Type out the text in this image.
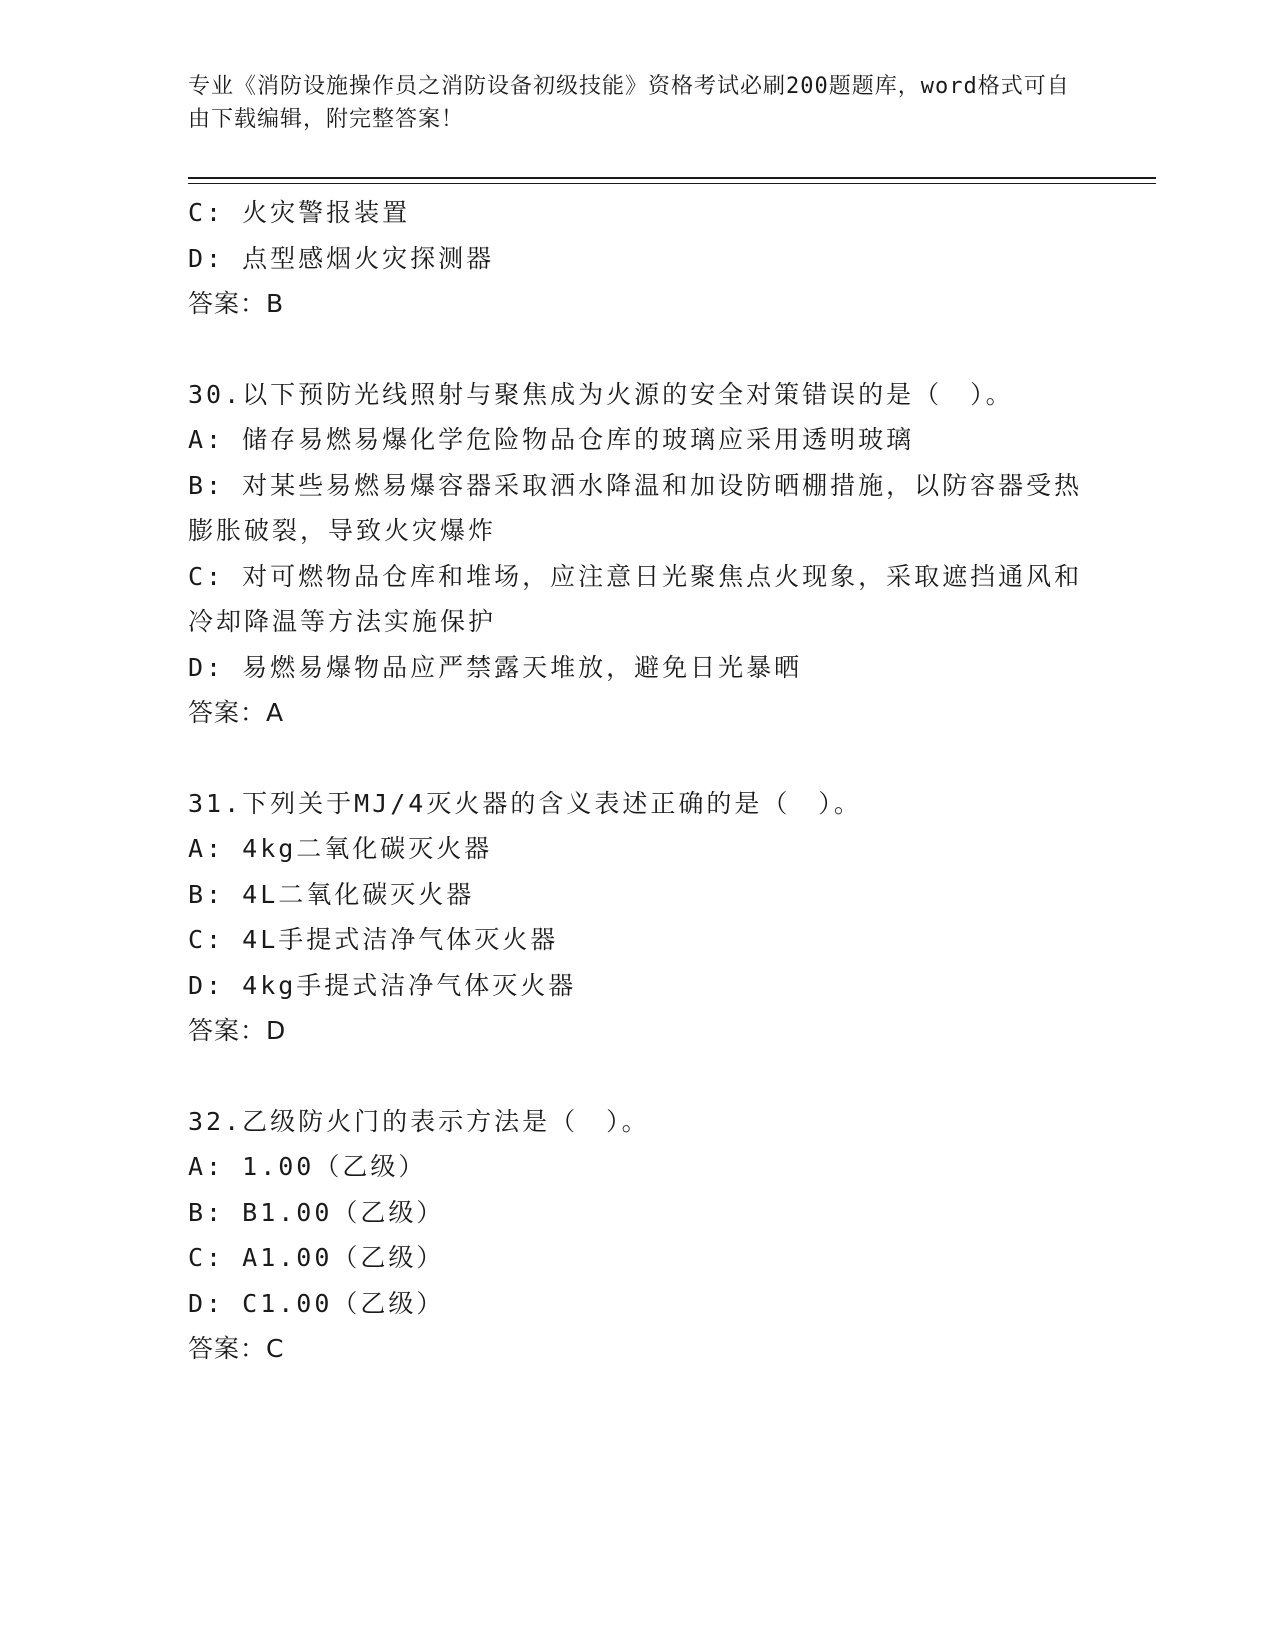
专业《消防设施操作员之消防设备初级技能》资格考试必刷200题题库，word格式可自由下载编辑，附完整答案！
C: 火灾警报装置
D: 点型感烟火灾探测器
答案：B
30.以下预防光线照射与聚焦成为火源的安全对策错误的是（　）。
A: 储存易燃易爆化学危险物品仓库的玻璃应采用透明玻璃
B: 对某些易燃易爆容器采取洒水降温和加设防晒棚措施，以防容器受热膨胀破裂，导致火灾爆炸
C: 对可燃物品仓库和堆场，应注意日光聚焦点火现象，采取遮挡通风和冷却降温等方法实施保护
D: 易燃易爆物品应严禁露天堆放，避免日光暴晒
答案：A
31.下列关于MJ/4灭火器的含义表述正确的是（　）。
A: 4kg二氧化碳灭火器
B: 4L二氧化碳灭火器
C: 4L手提式洁净气体灭火器
D: 4kg手提式洁净气体灭火器
答案：D
32.乙级防火门的表示方法是（　）。
A: 1.00（乙级）
B: B1.00（乙级）
C: A1.00（乙级）
D: C1.00（乙级）
答案：C
